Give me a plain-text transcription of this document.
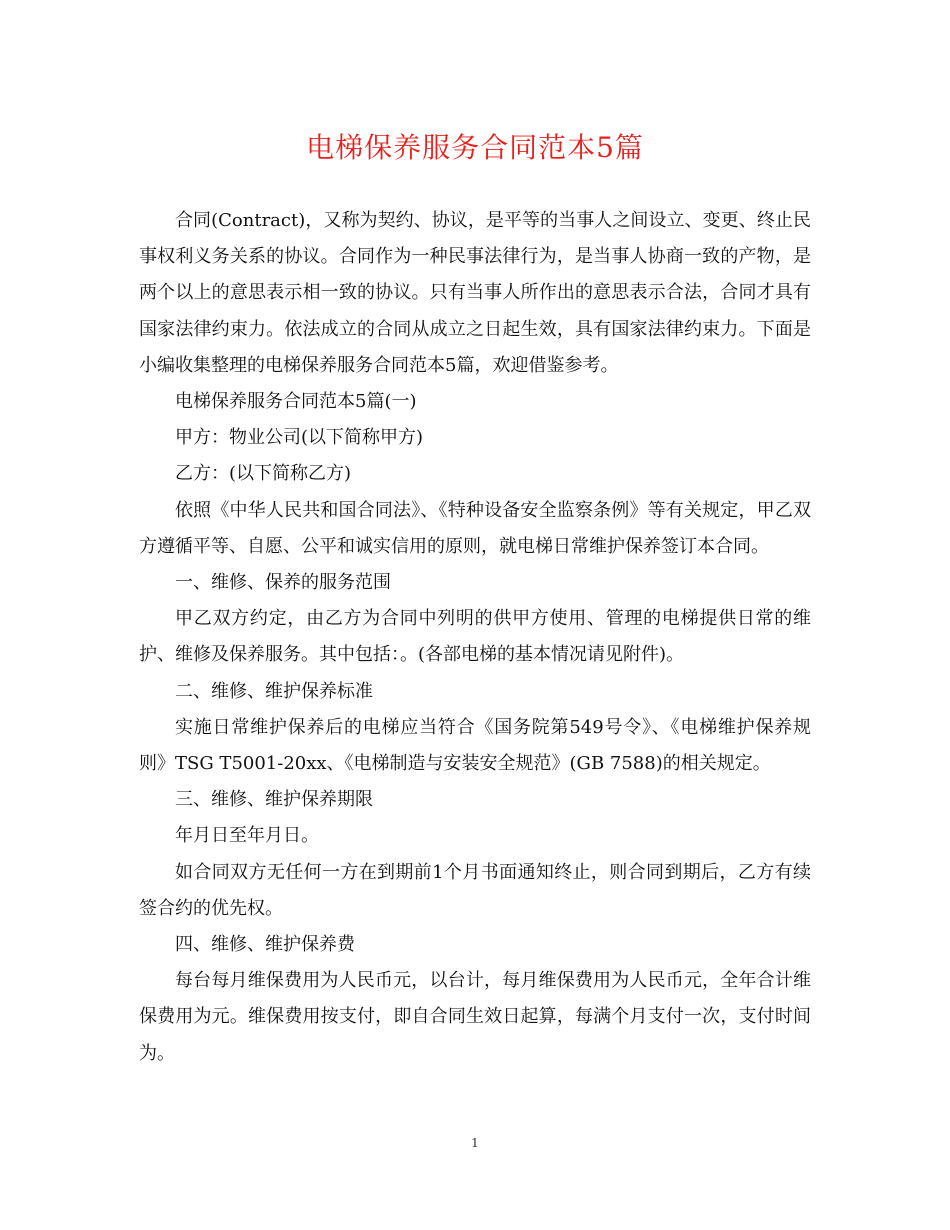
电梯保养服务合同范本5篇

合同(Contract)，又称为契约、协议，是平等的当事人之间设立、变更、终止民事权利义务关系的协议。合同作为一种民事法律行为，是当事人协商一致的产物，是两个以上的意思表示相一致的协议。只有当事人所作出的意思表示合法，合同才具有国家法律约束力。依法成立的合同从成立之日起生效，具有国家法律约束力。下面是小编收集整理的电梯保养服务合同范本5篇，欢迎借鉴参考。

电梯保养服务合同范本5篇(一)

甲方：物业公司(以下简称甲方)

乙方：(以下简称乙方)

依照《中华人民共和国合同法》、《特种设备安全监察条例》等有关规定，甲乙双方遵循平等、自愿、公平和诚实信用的原则，就电梯日常维护保养签订本合同。

一、维修、保养的服务范围

甲乙双方约定，由乙方为合同中列明的供甲方使用、管理的电梯提供日常的维护、维修及保养服务。其中包括：。(各部电梯的基本情况请见附件)。

二、维修、维护保养标准

实施日常维护保养后的电梯应当符合《国务院第549号令》、《电梯维护保养规则》TSG T5001-20xx、《电梯制造与安装安全规范》(GB 7588)的相关规定。

三、维修、维护保养期限

年月日至年月日。

如合同双方无任何一方在到期前1个月书面通知终止，则合同到期后，乙方有续签合约的优先权。

四、维修、维护保养费

每台每月维保费用为人民币元，以台计，每月维保费用为人民币元，全年合计维保费用为元。维保费用按支付，即自合同生效日起算，每满个月支付一次，支付时间为。

1
